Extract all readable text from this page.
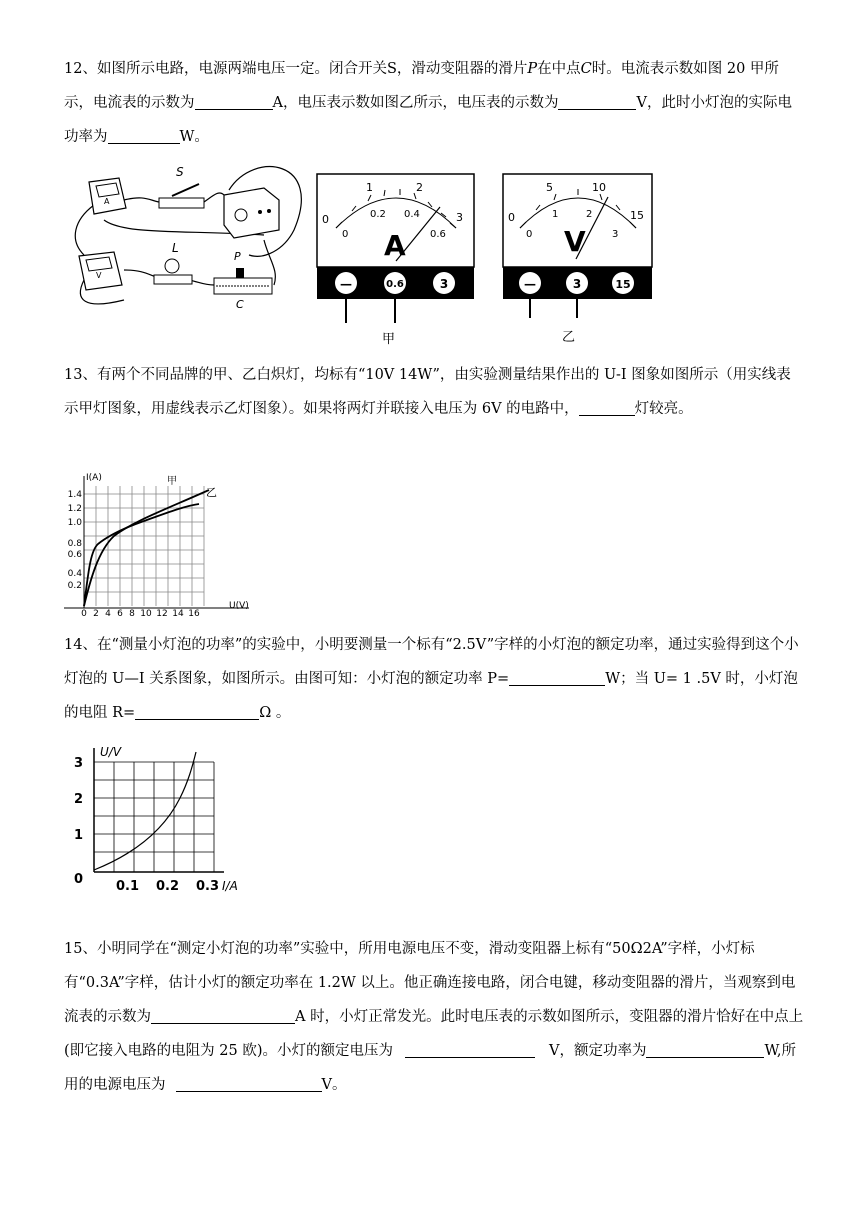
12、如图所示电路，电源两端电压一定。闭合开关S，滑动变阻器的滑片P在中点C时。电流表示数如图 20 甲所示，电流表的示数为	A，电压表示数如图乙所示，电压表的示数为	V，此时小灯泡的实际电功率为	W。
A
S
V
L
P
C
0
1	2
3
0
0.2 0.4
0.6
A
—	0.6	3
甲
0
5	10
15
0
1	2
3
V
—	3	15
乙
13、有两个不同品牌的甲、乙白炽灯，均标有“10V 14W”，由实验测量结果作出的 U-I 图象如图所示（用实线表示甲灯图象，用虚线表示乙灯图象）。如果将两灯并联接入电压为 6V 的电路中，	灯较亮。
I(A)
U(V)
甲
乙
1.4
1.2
1.0
0.8
0.6
0.4
0.2
0 2 4 6 8 10 12 14 16
14、在“测量小灯泡的功率”的实验中，小明要测量一个标有“2.5V”字样的小灯泡的额定功率，通过实验得到这个小灯泡的 U—I 关系图象，如图所示。由图可知：小灯泡的额定功率 P=	W；当 U= 1 .5V 时，小灯泡的电阻 R=	Ω 。
U/V
I/A
3
2
1
0	0.1 0.2 0.3
15、小明同学在“测定小灯泡的功率”实验中，所用电源电压不变，滑动变阻器上标有“50Ω2A”字样，小灯标有“0.3A”字样，估计小灯的额定功率在 1.2W 以上。他正确连接电路，闭合电键，移动变阻器的滑片，当观察到电流表的示数为	A 时，小灯正常发光。此时电压表的示数如图所示，变阻器的滑片恰好在中点上(即它接入电路的电阻为 25 欧)。小灯的额定电压为	V，额定功率为	W,所用的电源电压为	V。
